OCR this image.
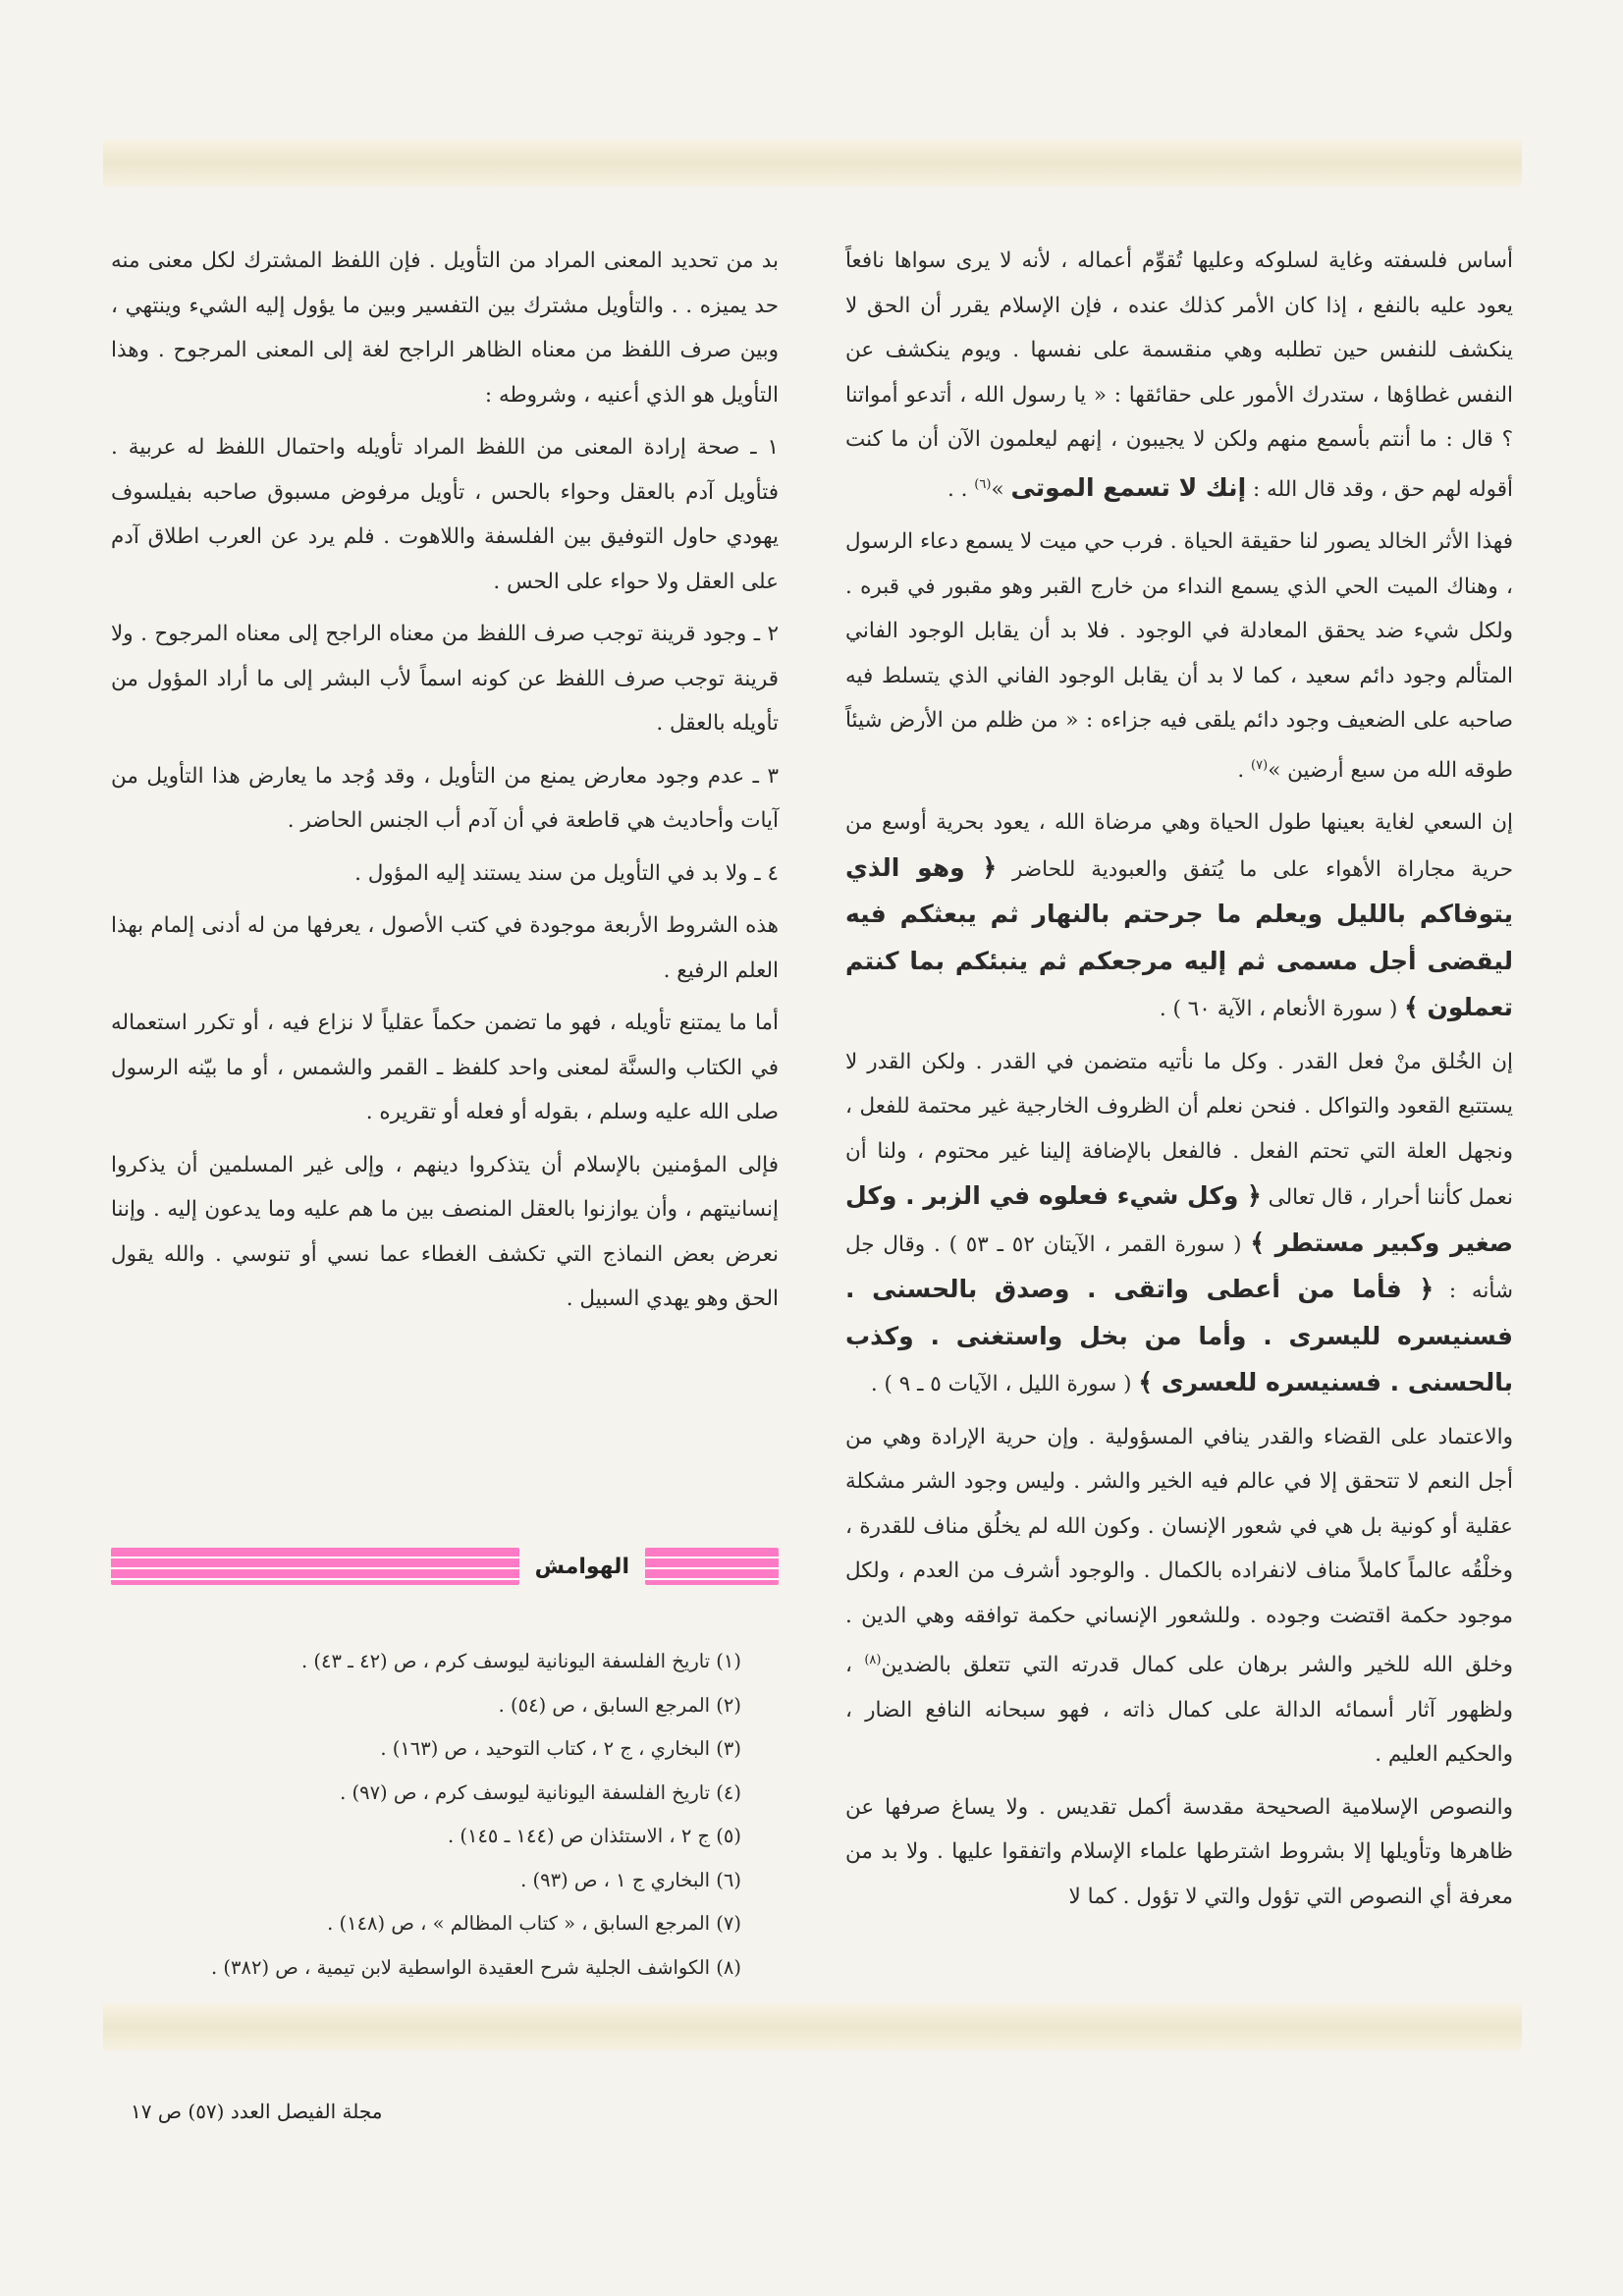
أساس فلسفته وغاية لسلوكه وعليها تُقوِّم أعماله ، لأنه لا يرى سواها نافعاً يعود عليه بالنفع ، إذا كان الأمر كذلك عنده ، فإن الإسلام يقرر أن الحق لا ينكشف للنفس حين تطلبه وهي منقسمة على نفسها . ويوم ينكشف عن النفس غطاؤها ، ستدرك الأمور على حقائقها : « يا رسول الله ، أتدعو أمواتنا ؟ قال : ما أنتم بأسمع منهم ولكن لا يجيبون ، إنهم ليعلمون الآن أن ما كنت أقوله لهم حق ، وقد قال الله : إنك لا تسمع الموتى »$^{(٦)}$ . .

فهذا الأثر الخالد يصور لنا حقيقة الحياة . فرب حي ميت لا يسمع دعاء الرسول ، وهناك الميت الحي الذي يسمع النداء من خارج القبر وهو مقبور في قبره . ولكل شيء ضد يحقق المعادلة في الوجود . فلا بد أن يقابل الوجود الفاني المتألم وجود دائم سعيد ، كما لا بد أن يقابل الوجود الفاني الذي يتسلط فيه صاحبه على الضعيف وجود دائم يلقى فيه جزاءه : « من ظلم من الأرض شيئاً طوقه الله من سبع أرضين »$^{(٧)}$ .

إن السعي لغاية بعينها طول الحياة وهي مرضاة الله ، يعود بحرية أوسع من حرية مجاراة الأهواء على ما يُتفق والعبودية للحاضر ﴿ وهو الذي يتوفاكم بالليل ويعلم ما جرحتم بالنهار ثم يبعثكم فيه ليقضى أجل مسمى ثم إليه مرجعكم ثم ينبئكم بما كنتم تعملون ﴾ ( سورة الأنعام ، الآية ٦٠ ) .

إن الخُلق منْ فعل القدر . وكل ما نأتيه متضمن في القدر . ولكن القدر لا يستتبع القعود والتواكل . فنحن نعلم أن الظروف الخارجية غير محتمة للفعل ، ونجهل العلة التي تحتم الفعل . فالفعل بالإضافة إلينا غير محتوم ، ولنا أن نعمل كأننا أحرار ، قال تعالى ﴿ وكل شيء فعلوه في الزبر . وكل صغير وكبير مستطر ﴾ ( سورة القمر ، الآيتان ٥٢ ـ ٥٣ ) . وقال جل شأنه : ﴿ فأما من أعطى واتقى . وصدق بالحسنى . فسنيسره لليسرى . وأما من بخل واستغنى . وكذب بالحسنى . فسنيسره للعسرى ﴾ ( سورة الليل ، الآيات ٥ ـ ٩ ) .

والاعتماد على القضاء والقدر ينافي المسؤولية . وإن حرية الإرادة وهي من أجل النعم لا تتحقق إلا في عالم فيه الخير والشر . وليس وجود الشر مشكلة عقلية أو كونية بل هي في شعور الإنسان . وكون الله لم يخلُق مناف للقدرة ، وخلْقُه عالماً كاملاً مناف لانفراده بالكمال . والوجود أشرف من العدم ، ولكل موجود حكمة اقتضت وجوده . وللشعور الإنساني حكمة توافقه وهي الدين . وخلق الله للخير والشر برهان على كمال قدرته التي تتعلق بالضدين$^{(٨)}$ ، ولظهور آثار أسمائه الدالة على كمال ذاته ، فهو سبحانه النافع الضار ، والحكيم العليم .

والنصوص الإسلامية الصحيحة مقدسة أكمل تقديس . ولا يساغ صرفها عن ظاهرها وتأويلها إلا بشروط اشترطها علماء الإسلام واتفقوا عليها . ولا بد من معرفة أي النصوص التي تؤول والتي لا تؤول . كما لا

بد من تحديد المعنى المراد من التأويل . فإن اللفظ المشترك لكل معنى منه حد يميزه . . والتأويل مشترك بين التفسير وبين ما يؤول إليه الشيء وينتهي ، وبين صرف اللفظ من معناه الظاهر الراجح لغة إلى المعنى المرجوح . وهذا التأويل هو الذي أعنيه ، وشروطه :

١ ـ صحة إرادة المعنى من اللفظ المراد تأويله واحتمال اللفظ له عربية . فتأويل آدم بالعقل وحواء بالحس ، تأويل مرفوض مسبوق صاحبه بفيلسوف يهودي حاول التوفيق بين الفلسفة واللاهوت . فلم يرد عن العرب اطلاق آدم على العقل ولا حواء على الحس .

٢ ـ وجود قرينة توجب صرف اللفظ من معناه الراجح إلى معناه المرجوح . ولا قرينة توجب صرف اللفظ عن كونه اسماً لأب البشر إلى ما أراد المؤول من تأويله بالعقل .

٣ ـ عدم وجود معارض يمنع من التأويل ، وقد وُجد ما يعارض هذا التأويل من آيات وأحاديث هي قاطعة في أن آدم أب الجنس الحاضر .

٤ ـ ولا بد في التأويل من سند يستند إليه المؤول .

هذه الشروط الأربعة موجودة في كتب الأصول ، يعرفها من له أدنى إلمام بهذا العلم الرفيع .

أما ما يمتنع تأويله ، فهو ما تضمن حكماً عقلياً لا نزاع فيه ، أو تكرر استعماله في الكتاب والسنَّة لمعنى واحد كلفظ ـ القمر والشمس ، أو ما بيّنه الرسول صلى الله عليه وسلم ، بقوله أو فعله أو تقريره .

فإلى المؤمنين بالإسلام أن يتذكروا دينهم ، وإلى غير المسلمين أن يذكروا إنسانيتهم ، وأن يوازنوا بالعقل المنصف بين ما هم عليه وما يدعون إليه . وإننا نعرض بعض النماذج التي تكشف الغطاء عما نسي أو تنوسي . والله يقول الحق وهو يهدي السبيل .

الهوامش
(١) تاريخ الفلسفة اليونانية ليوسف كرم ، ص (٤٢ ـ ٤٣) .
(٢) المرجع السابق ، ص (٥٤) .
(٣) البخاري ، ج ٢ ، كتاب التوحيد ، ص (١٦٣) .
(٤) تاريخ الفلسفة اليونانية ليوسف كرم ، ص (٩٧) .
(٥) ج ٢ ، الاستئذان ص (١٤٤ ـ ١٤٥) .
(٦) البخاري ج ١ ، ص (٩٣) .
(٧) المرجع السابق ، « كتاب المظالم » ، ص (١٤٨) .
(٨) الكواشف الجلية شرح العقيدة الواسطية لابن تيمية ، ص (٣٨٢) .
مجلة الفيصل العدد (٥٧) ص ١٧
